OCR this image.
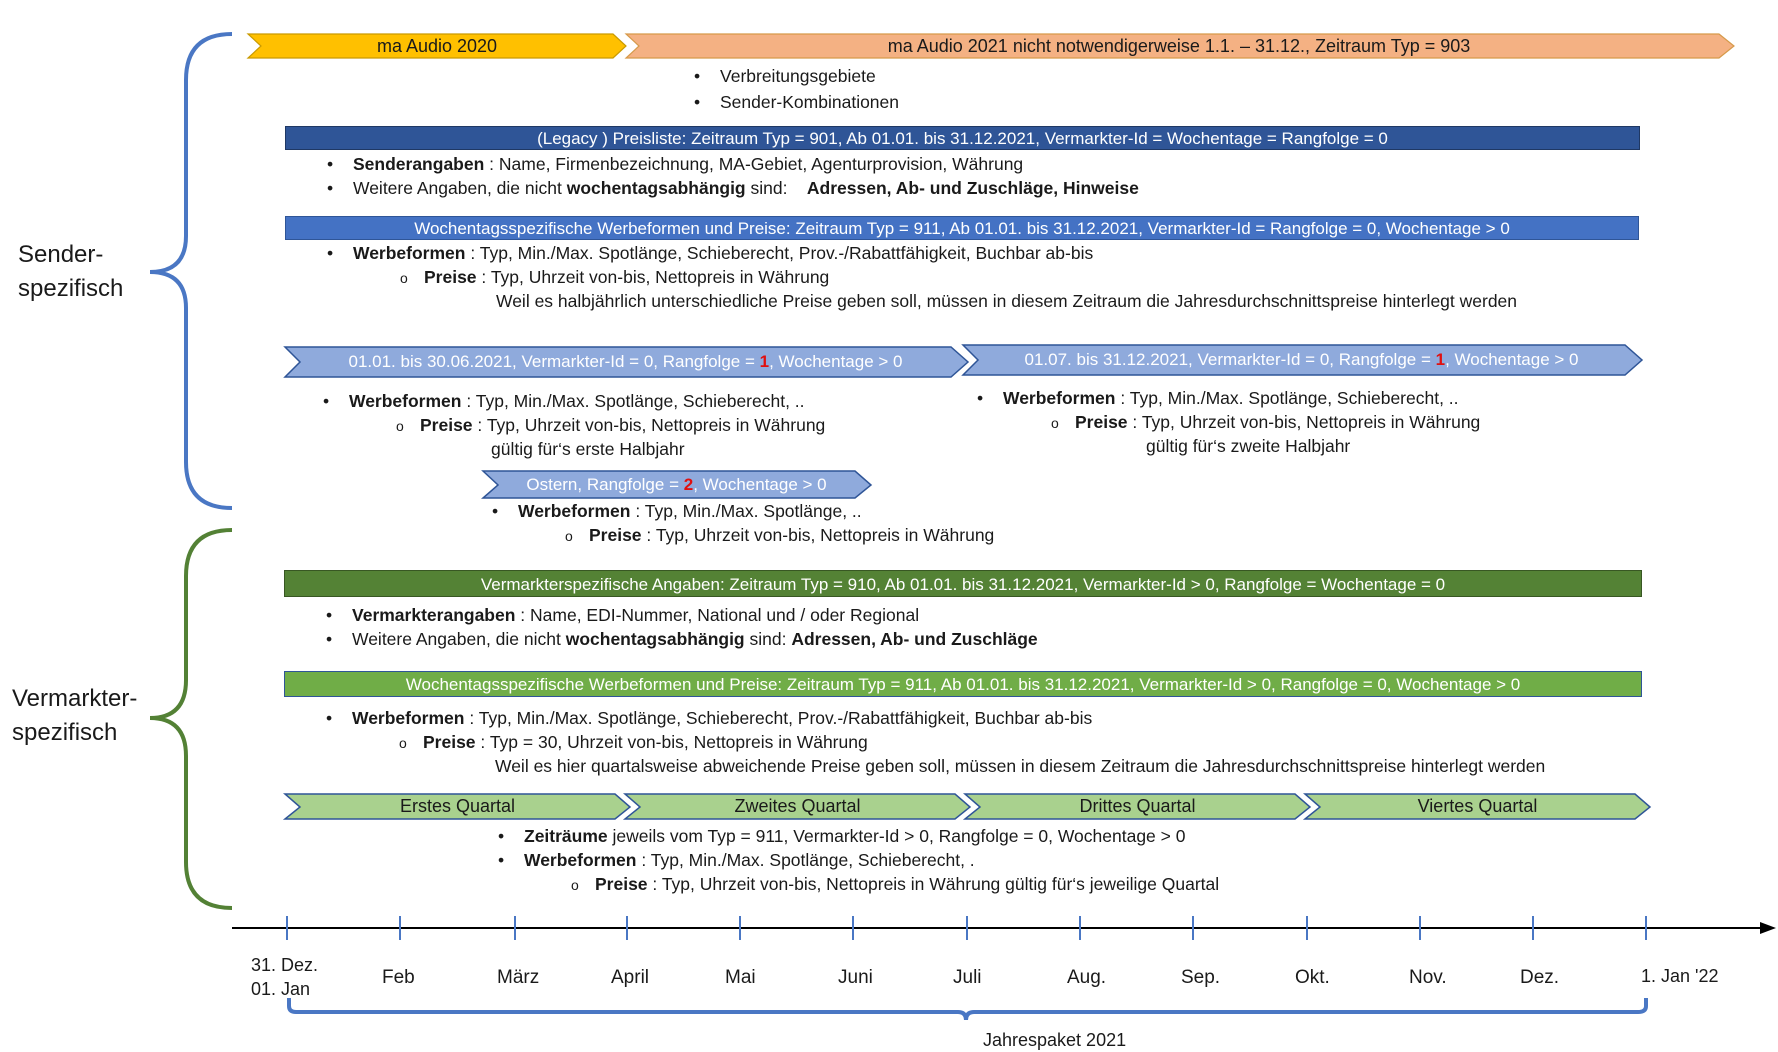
Sender-
spezifisch
Vermarkter-
spezifisch
ma Audio 2020	ma Audio 2021 nicht notwendigerweise 1.1. – 31.12., Zeitraum Typ = 903
• Verbreitungsgebiete
• Sender-Kombinationen
(Legacy ) Preisliste: Zeitraum Typ = 901, Ab 01.01. bis 31.12.2021, Vermarkter-Id = Wochentage = Rangfolge = 0
• Senderangaben : Name, Firmenbezeichnung, MA-Gebiet, Agenturprovision, Währung
• Weitere Angaben, die nicht wochentagsabhängig sind:    Adressen, Ab- und Zuschläge, Hinweise
Wochentagsspezifische Werbeformen und Preise: Zeitraum Typ = 911, Ab 01.01. bis 31.12.2021, Vermarkter-Id = Rangfolge = 0, Wochentage > 0
• Werbeformen : Typ, Min./Max. Spotlänge, Schieberecht, Prov.-/Rabattfähigkeit, Buchbar ab-bis
o Preise : Typ, Uhrzeit von-bis, Nettopreis in Währung
Weil es halbjährlich unterschiedliche Preise geben soll, müssen in diesem Zeitraum die Jahresdurchschnittspreise hinterlegt werden
01.01. bis 30.06.2021, Vermarkter-Id = 0, Rangfolge = 1, Wochentage > 0
• Werbeformen : Typ, Min./Max. Spotlänge, Schieberecht, ..
o Preise : Typ, Uhrzeit von-bis, Nettopreis in Währung
gültig für‘s erste Halbjahr
01.07. bis 31.12.2021, Vermarkter-Id = 0, Rangfolge = 1, Wochentage > 0
• Werbeformen : Typ, Min./Max. Spotlänge, Schieberecht, ..
o Preise : Typ, Uhrzeit von-bis, Nettopreis in Währung
gültig für‘s zweite Halbjahr
Ostern, Rangfolge = 2, Wochentage > 0
• Werbeformen : Typ, Min./Max. Spotlänge, ..
o Preise : Typ, Uhrzeit von-bis, Nettopreis in Währung
Vermarkterspezifische Angaben: Zeitraum Typ = 910, Ab 01.01. bis 31.12.2021, Vermarkter-Id > 0, Rangfolge = Wochentage = 0
• Vermarkterangaben : Name, EDI-Nummer, National und / oder Regional
• Weitere Angaben, die nicht wochentagsabhängig sind: Adressen, Ab- und Zuschläge
Wochentagsspezifische Werbeformen und Preise: Zeitraum Typ = 911, Ab 01.01. bis 31.12.2021, Vermarkter-Id > 0, Rangfolge = 0, Wochentage > 0
• Werbeformen : Typ, Min./Max. Spotlänge, Schieberecht, Prov.-/Rabattfähigkeit, Buchbar ab-bis
o Preise : Typ = 30, Uhrzeit von-bis, Nettopreis in Währung
Weil es hier quartalsweise abweichende Preise geben soll, müssen in diesem Zeitraum die Jahresdurchschnittspreise hinterlegt werden
Erstes Quartal	Zweites Quartal	Drittes Quartal	Viertes Quartal
• Zeiträume jeweils vom Typ = 911, Vermarkter-Id > 0, Rangfolge = 0, Wochentage > 0
• Werbeformen : Typ, Min./Max. Spotlänge, Schieberecht, .
o Preise : Typ, Uhrzeit von-bis, Nettopreis in Währung gültig für‘s jeweilige Quartal
31. Dez.
01. Jan
Feb	März	April	Mai	Juni	Juli	Aug.	Sep.	Okt.	Nov.	Dez.	1. Jan '22
Jahrespaket 2021
